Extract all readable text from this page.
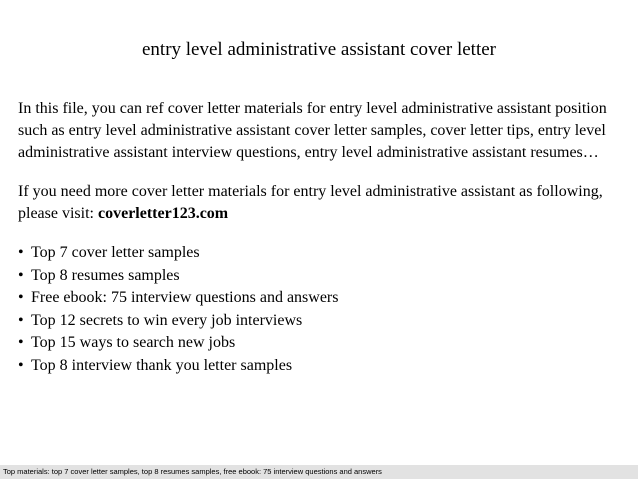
entry level administrative assistant cover letter

In this file, you can ref cover letter materials for entry level administrative assistant position such as entry level administrative assistant cover letter samples, cover letter tips, entry level administrative assistant interview questions, entry level administrative assistant resumes…

If you need more cover letter materials for entry level administrative assistant as following, please visit: coverletter123.com

• Top 7 cover letter samples
• Top 8 resumes samples
• Free ebook: 75 interview questions and answers
• Top 12 secrets to win every job interviews
• Top 15 ways to search new jobs
• Top 8 interview thank you letter samples
Top materials: top 7 cover letter samples, top 8 resumes samples, free ebook: 75 interview questions and answers
